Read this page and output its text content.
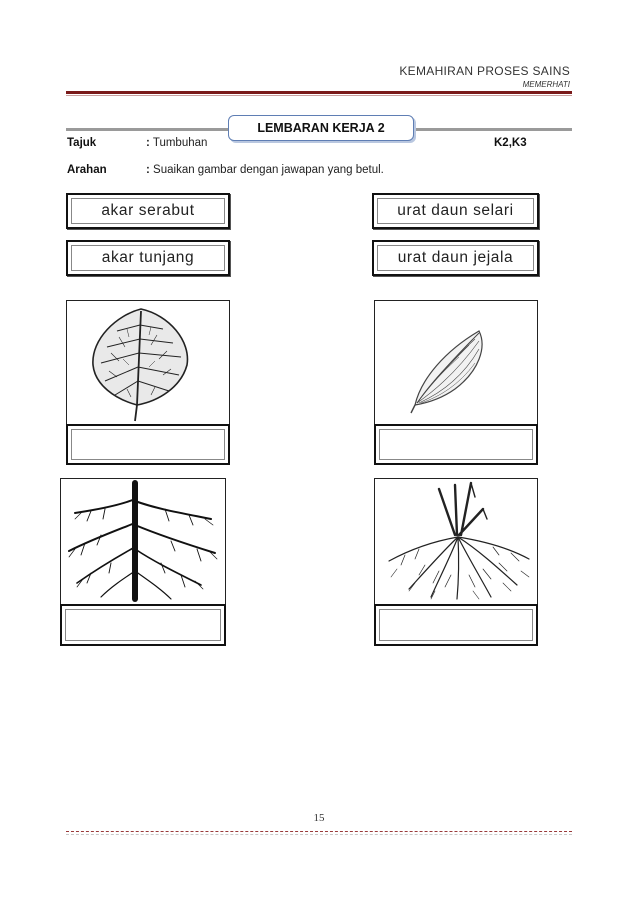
KEMAHIRAN PROSES SAINS
MEMERHATI
LEMBARAN KERJA 2
Tajuk	: Tumbuhan	K2,K3
Arahan	: Suaikan gambar dengan jawapan yang betul.
akar serabut	urat daun selari
akar tunjang	urat daun jejala
15
